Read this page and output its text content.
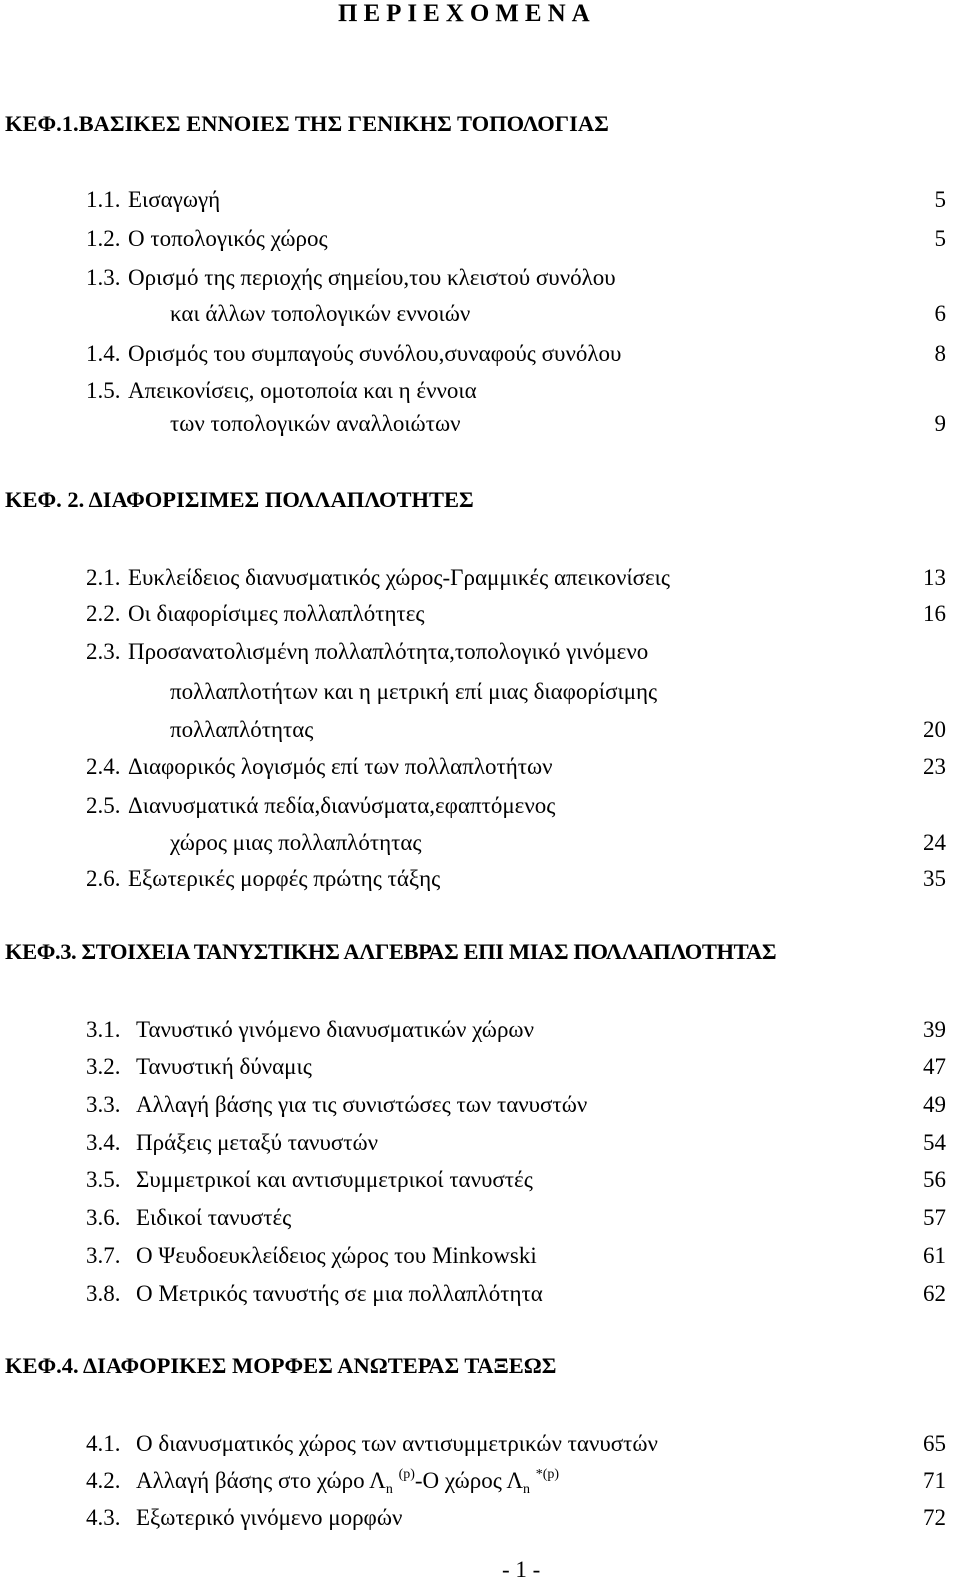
ΠΕΡΙΕΧΟΜΕΝΑ
ΚΕΦ.1.ΒΑΣΙΚΕΣ ΕΝΝΟΙΕΣ ΤΗΣ ΓΕΝΙΚΗΣ ΤΟΠΟΛΟΓΙΑΣ
1.1. Εισαγωγή	5
1.2. Ο τοπολογικός χώρος	5
1.3. Ορισμό της περιοχής σημείου,του κλειστού συνόλου
και άλλων τοπολογικών εννοιών	6
1.4. Ορισμός του συμπαγούς συνόλου,συναφούς συνόλου	8
1.5. Απεικονίσεις, ομοτοποία και η έννοια
των τοπολογικών αναλλοιώτων	9
ΚΕΦ. 2. ΔΙΑΦΟΡΙΣΙΜΕΣ ΠΟΛΛΑΠΛΟΤΗΤΕΣ
2.1. Ευκλείδειος διανυσματικός χώρος-Γραμμικές απεικονίσεις	13
2.2. Οι διαφορίσιμες πολλαπλότητες	16
2.3. Προσανατολισμένη πολλαπλότητα,τοπολογικό γινόμενο
πολλαπλοτήτων και η μετρική επί μιας διαφορίσιμης
πολλαπλότητας	20
2.4. Διαφορικός λογισμός επί των πολλαπλοτήτων	23
2.5. Διανυσματικά πεδία,διανύσματα,εφαπτόμενος
χώρος μιας πολλαπλότητας	24
2.6. Εξωτερικές μορφές πρώτης τάξης	35
ΚΕΦ.3. ΣΤΟΙΧΕΙΑ ΤΑΝΥΣΤΙΚΗΣ ΑΛΓΕΒΡΑΣ ΕΠΙ ΜΙΑΣ ΠΟΛΛΑΠΛΟΤΗΤΑΣ
3.1. Τανυστικό γινόμενο διανυσματικών χώρων	39
3.2. Τανυστική δύναμις	47
3.3. Αλλαγή βάσης για τις συνιστώσες των τανυστών	49
3.4. Πράξεις μεταξύ τανυστών	54
3.5. Συμμετρικοί και αντισυμμετρικοί τανυστές	56
3.6. Ειδικοί τανυστές	57
3.7. Ο Ψευδοευκλείδειος χώρος του Minkowski	61
3.8. Ο Μετρικός τανυστής σε μια πολλαπλότητα	62
ΚΕΦ.4. ΔΙΑΦΟΡΙΚΕΣ ΜΟΡΦΕΣ ΑΝΩΤΕΡΑΣ ΤΑΞΕΩΣ
4.1. Ο διανυσματικός χώρος των αντισυμμετρικών τανυστών	65
4.2. Αλλαγή βάσης στο χώρο $\Lambda_n$ $^{(p)}$-Ο χώρος $\Lambda_n$ $^{*(p)}$	71
4.3. Εξωτερικό γινόμενο μορφών	72
- 1 -
